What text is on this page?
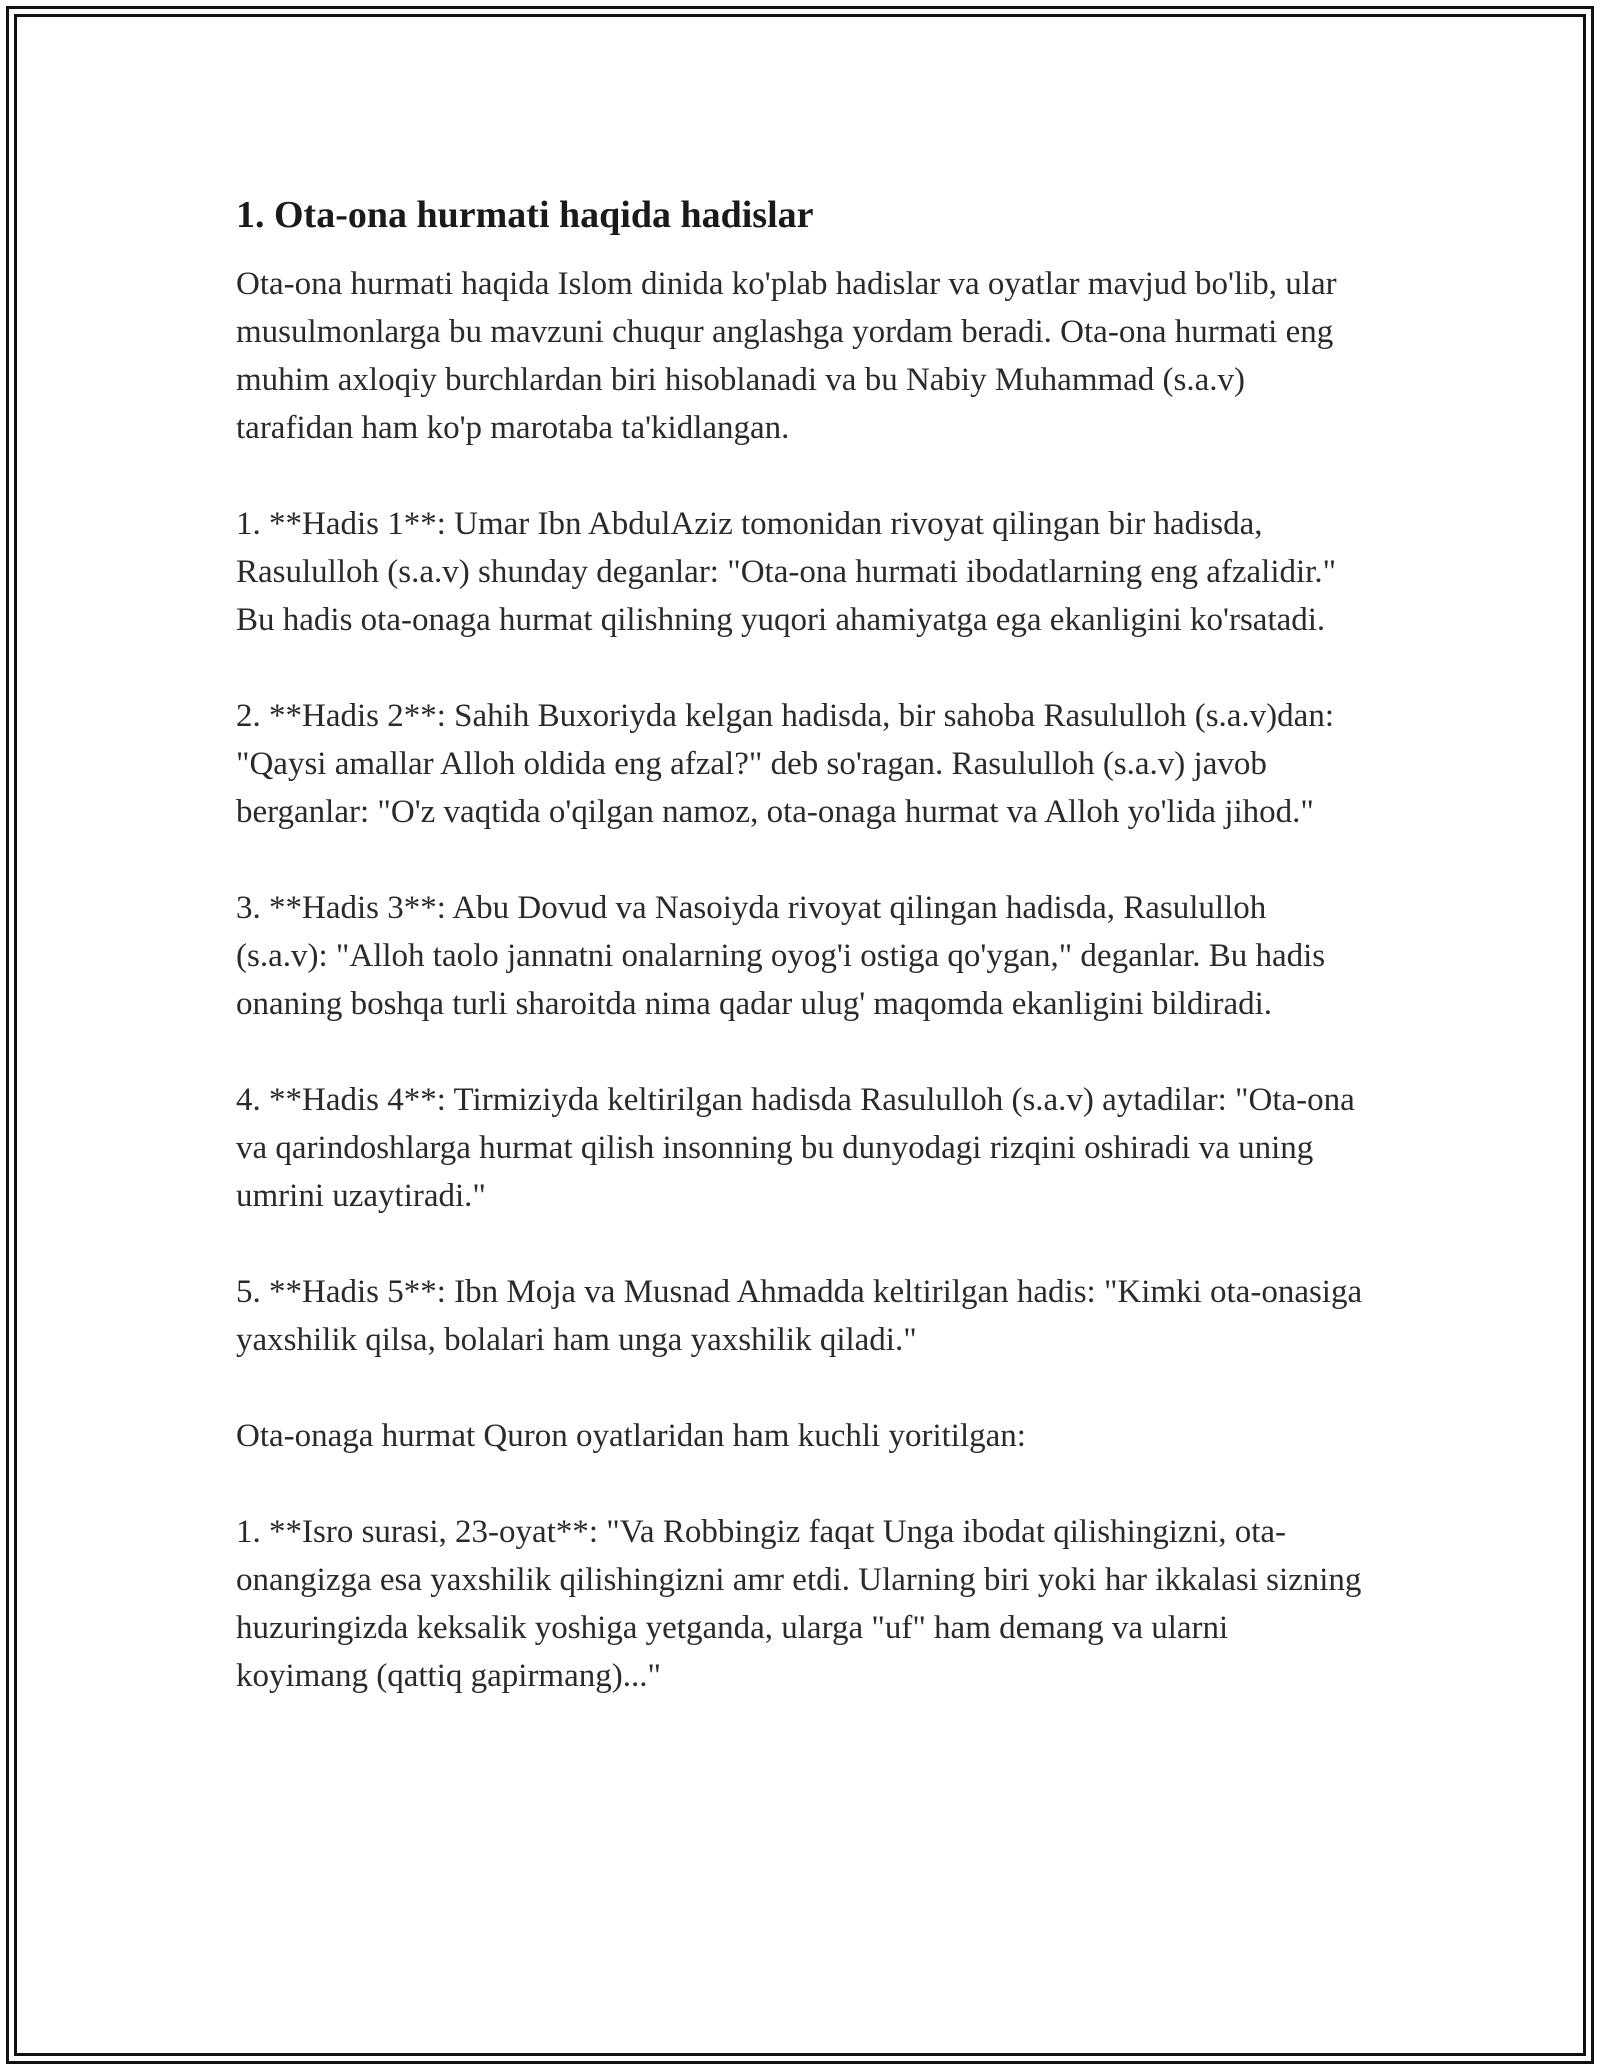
1. Ota-ona hurmati haqida hadislar

Ota-ona hurmati haqida Islom dinida ko'plab hadislar va oyatlar mavjud bo'lib, ular musulmonlarga bu mavzuni chuqur anglashga yordam beradi. Ota-ona hurmati eng muhim axloqiy burchlardan biri hisoblanadi va bu Nabiy Muhammad (s.a.v) tarafidan ham ko'p marotaba ta'kidlangan.

1. **Hadis 1**: Umar Ibn AbdulAziz tomonidan rivoyat qilingan bir hadisda, Rasululloh (s.a.v) shunday deganlar: "Ota-ona hurmati ibodatlarning eng afzalidir." Bu hadis ota-onaga hurmat qilishning yuqori ahamiyatga ega ekanligini ko'rsatadi.

2. **Hadis 2**: Sahih Buxoriyda kelgan hadisda, bir sahoba Rasululloh (s.a.v)dan: "Qaysi amallar Alloh oldida eng afzal?" deb so'ragan. Rasululloh (s.a.v) javob berganlar: "O'z vaqtida o'qilgan namoz, ota-onaga hurmat va Alloh yo'lida jihod."

3. **Hadis 3**: Abu Dovud va Nasoiyda rivoyat qilingan hadisda, Rasululloh (s.a.v): "Alloh taolo jannatni onalarning oyog'i ostiga qo'ygan," deganlar. Bu hadis onaning boshqa turli sharoitda nima qadar ulug' maqomda ekanligini bildiradi.

4. **Hadis 4**: Tirmiziyda keltirilgan hadisda Rasululloh (s.a.v) aytadilar: "Ota-ona va qarindoshlarga hurmat qilish insonning bu dunyodagi rizqini oshiradi va uning umrini uzaytiradi."

5. **Hadis 5**: Ibn Moja va Musnad Ahmadda keltirilgan hadis: "Kimki ota-onasiga yaxshilik qilsa, bolalari ham unga yaxshilik qiladi."

Ota-onaga hurmat Quron oyatlaridan ham kuchli yoritilgan:

1. **Isro surasi, 23-oyat**: "Va Robbingiz faqat Unga ibodat qilishingizni, ota-onangizga esa yaxshilik qilishingizni amr etdi. Ularning biri yoki har ikkalasi sizning huzuringizda keksalik yoshiga yetganda, ularga "uf" ham demang va ularni koyimang (qattiq gapirmang)..."
